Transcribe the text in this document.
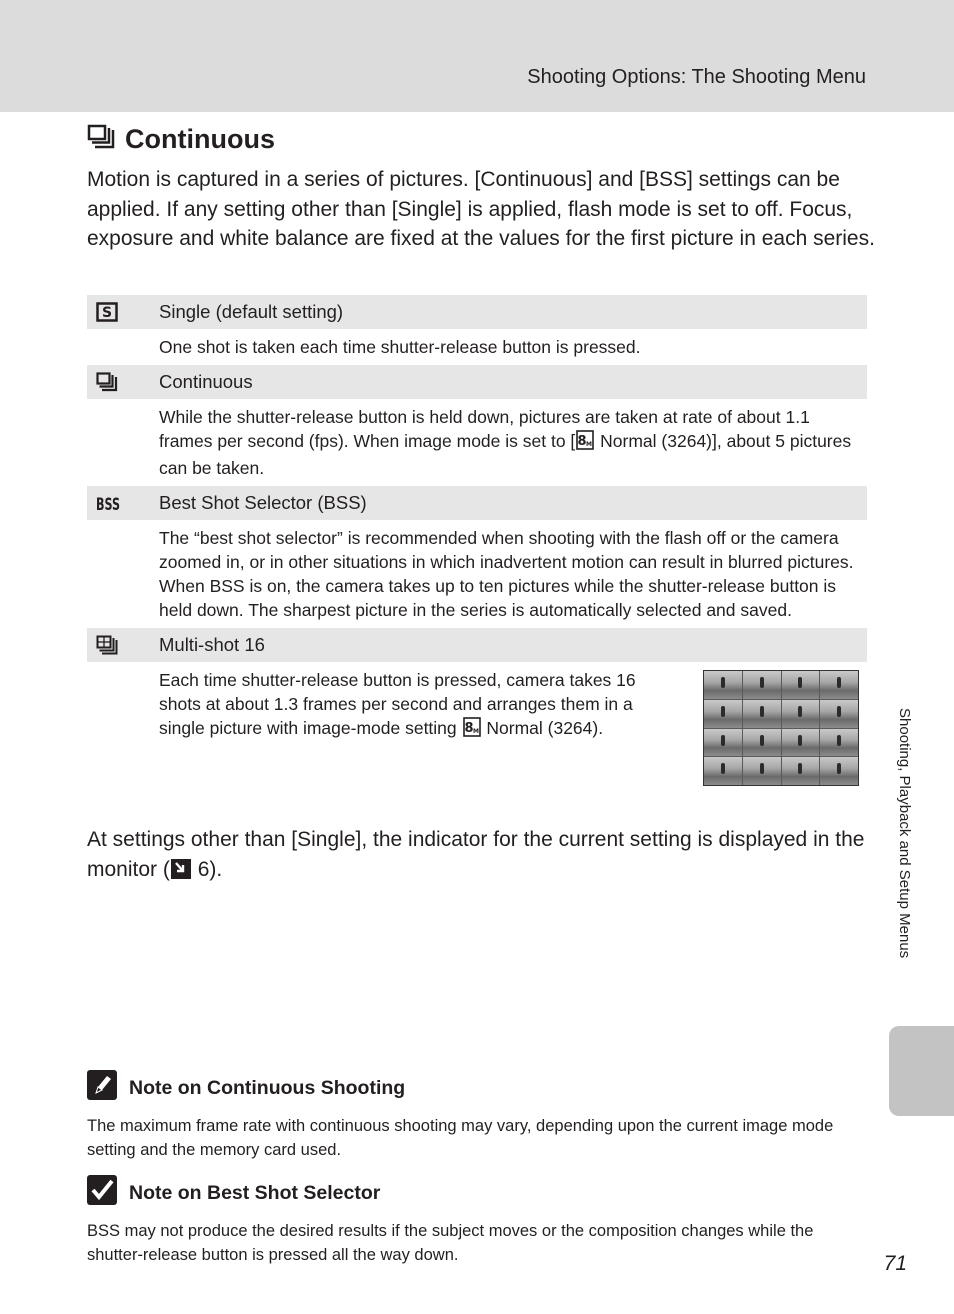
Shooting Options: The Shooting Menu
Continuous

Motion is captured in a series of pictures. [Continuous] and [BSS] settings can be applied. If any setting other than [Single] is applied, flash mode is set to off. Focus, exposure and white balance are fixed at the values for the first picture in each series.

S	Single (default setting)
One shot is taken each time shutter-release button is pressed.
Continuous
While the shutter-release button is held down, pictures are taken at rate of about 1.1 frames per second (fps). When image mode is set to [ 8 M Normal (3264)], about 5 pictures can be taken.
BSS Best Shot Selector (BSS)
The “best shot selector” is recommended when shooting with the flash off or the camera zoomed in, or in other situations in which inadvertent motion can result in blurred pictures. When BSS is on, the camera takes up to ten pictures while the shutter-release button is held down. The sharpest picture in the series is automatically selected and saved.
Multi-shot 16
Each time shutter-release button is pressed, camera takes 16 shots at about 1.3 frames per second and arranges them in a single picture with image-mode setting 8 M Normal (3264).

At settings other than [Single], the indicator for the current setting is displayed in the monitor ( 6).

Note on Continuous Shooting
The maximum frame rate with continuous shooting may vary, depending upon the current image mode setting and the memory card used.
Note on Best Shot Selector
BSS may not produce the desired results if the subject moves or the composition changes while the shutter-release button is pressed all the way down.
Shooting, Playback and Setup Menus
71
